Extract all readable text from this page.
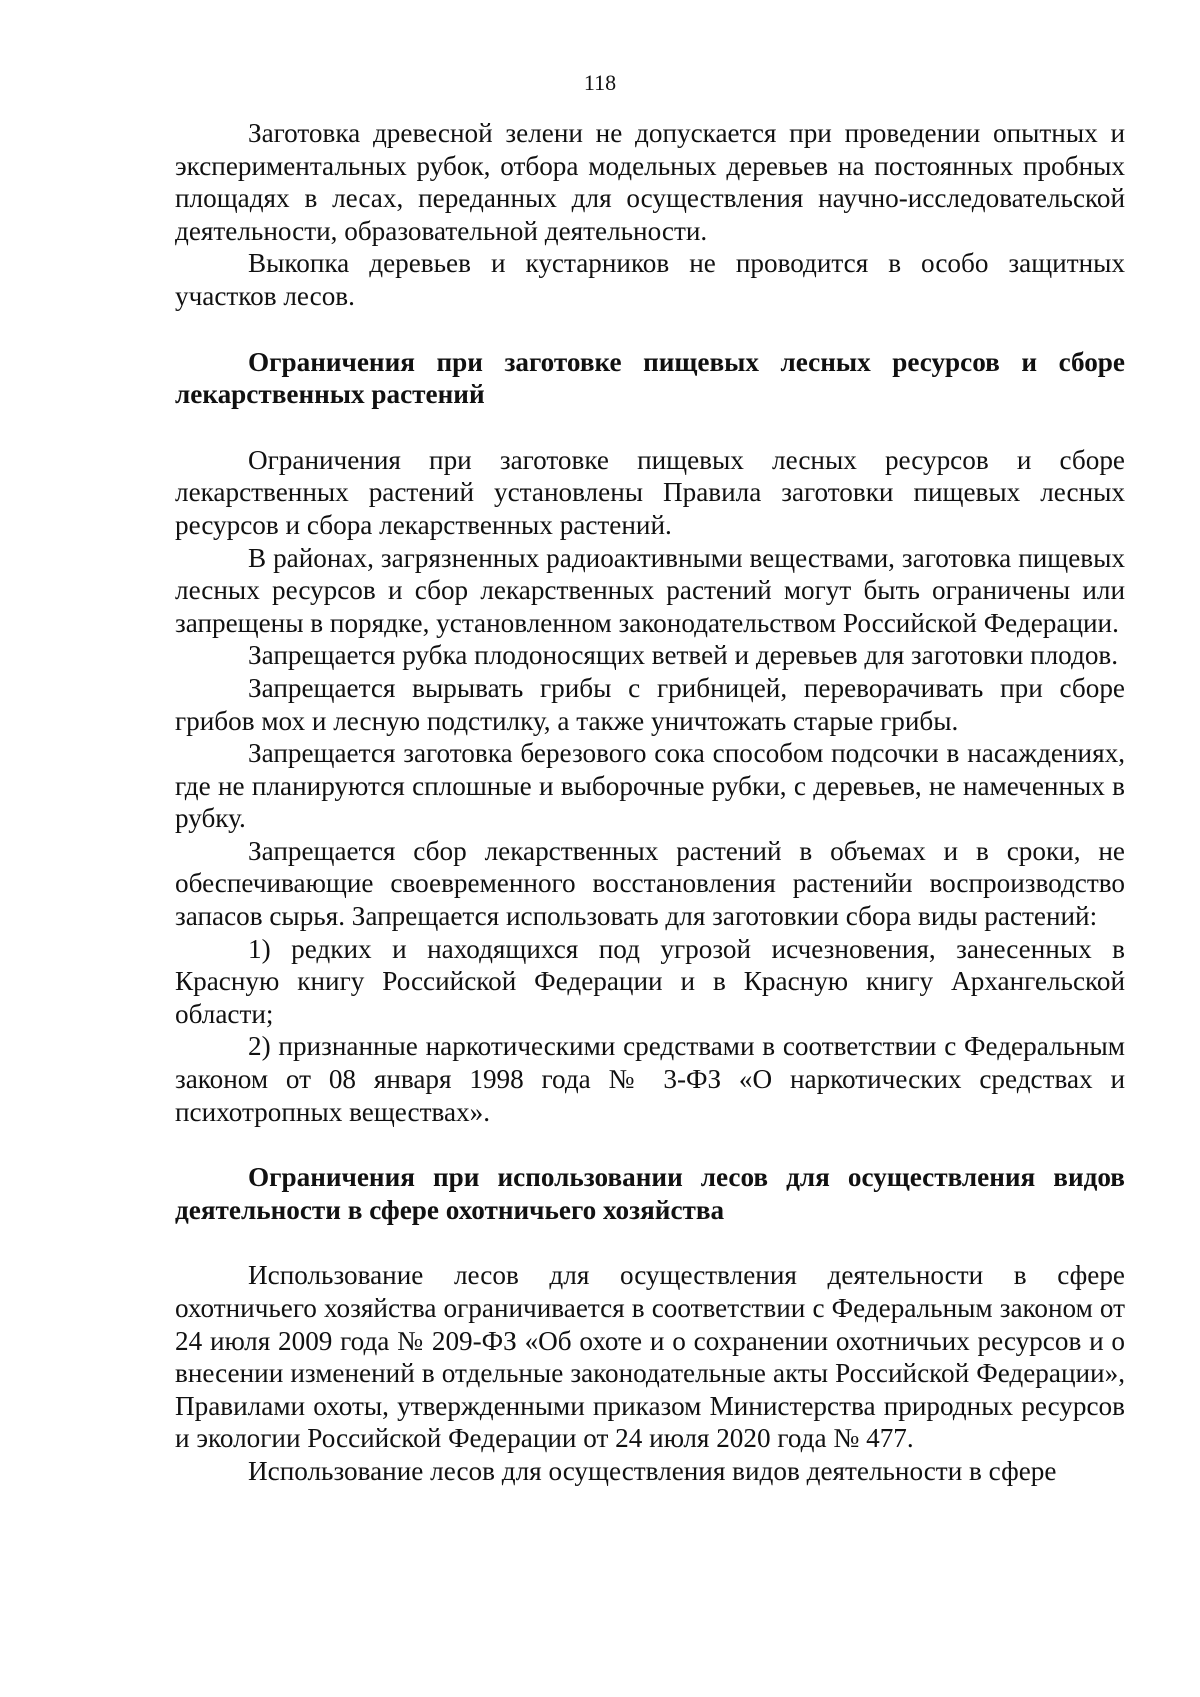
118

Заготовка древесной зелени не допускается при проведении опытных и экспериментальных рубок, отбора модельных деревьев на постоянных пробных площадях в лесах, переданных для осуществления научно-исследовательской деятельности, образовательной деятельности.

Выкопка деревьев и кустарников не проводится в особо защитных участков лесов.

Ограничения при заготовке пищевых лесных ресурсов и сборе лекарственных растений

Ограничения при заготовке пищевых лесных ресурсов и сборе лекарственных растений установлены Правила заготовки пищевых лесных ресурсов и сбора лекарственных растений.

В районах, загрязненных радиоактивными веществами, заготовка пищевых лесных ресурсов и сбор лекарственных растений могут быть ограничены или запрещены в порядке, установленном законодательством Российской Федерации.

Запрещается рубка плодоносящих ветвей и деревьев для заготовки плодов.

Запрещается вырывать грибы с грибницей, переворачивать при сборе грибов мох и лесную подстилку, а также уничтожать старые грибы.

Запрещается заготовка березового сока способом подсочки в насаждениях, где не планируются сплошные и выборочные рубки, с деревьев, не намеченных в рубку.

Запрещается сбор лекарственных растений в объемах и в сроки, не обеспечивающие своевременного восстановления растенийи воспроизводство запасов сырья. Запрещается использовать для заготовкии сбора виды растений:

1) редких и находящихся под угрозой исчезновения, занесенных в Красную книгу Российской Федерации и в Красную книгу Архангельской области;

2) признанные наркотическими средствами в соответствии с Федеральным законом от 08 января 1998 года № 3-ФЗ «О наркотических средствах и психотропных веществах».

Ограничения при использовании лесов для осуществления видов деятельности в сфере охотничьего хозяйства

Использование лесов для осуществления деятельности в сфере охотничьего хозяйства ограничивается в соответствии с Федеральным законом от 24 июля 2009 года № 209-ФЗ «Об охоте и о сохранении охотничьих ресурсов и о внесении изменений в отдельные законодательные акты Российской Федерации», Правилами охоты, утвержденными приказом Министерства природных ресурсов и экологии Российской Федерации от 24 июля 2020 года № 477.

Использование лесов для осуществления видов деятельности в сфере
